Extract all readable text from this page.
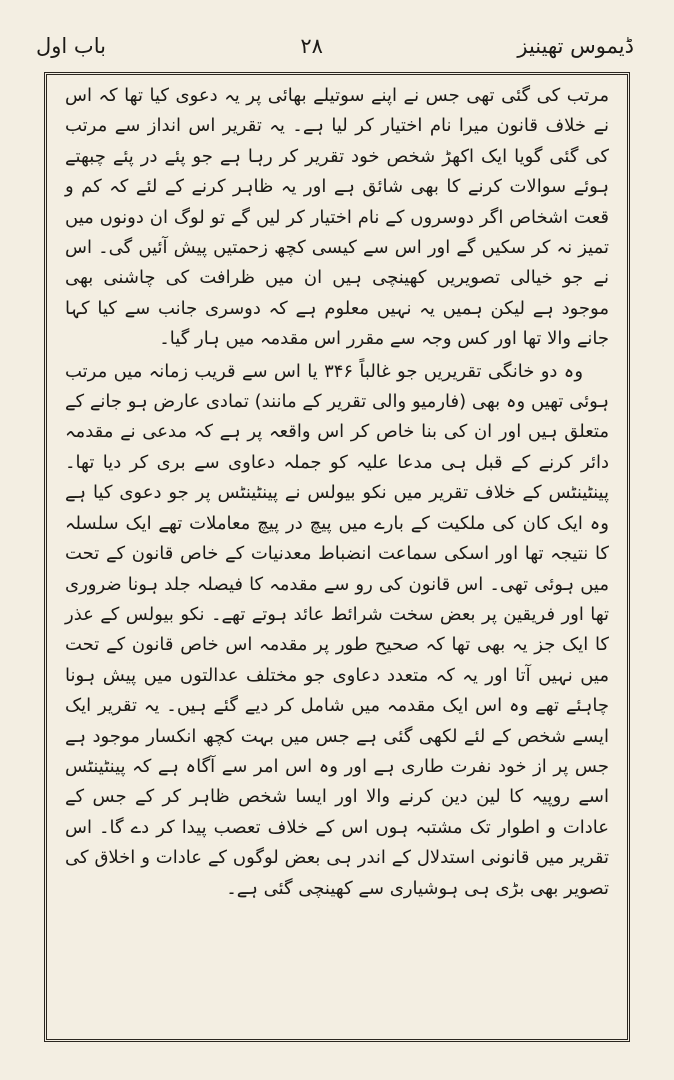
ڈیموس تھینیز
۲۸
باب اول

مرتب کی گئی تھی جس نے اپنے سوتیلے بھائی پر یہ دعوی کیا تھا کہ اس نے خلاف قانون میرا نام اختیار کر لیا ہے۔ یہ تقریر اس انداز سے مرتب کی گئی گویا ایک اکھڑ شخص خود تقریر کر رہا ہے جو پئے در پئے چبھتے ہوئے سوالات کرنے کا بھی شائق ہے اور یہ ظاہر کرنے کے لئے کہ کم و قعت اشخاص اگر دوسروں کے نام اختیار کر لیں گے تو لوگ ان دونوں میں تمیز نہ کر سکیں گے اور اس سے کیسی کچھ زحمتیں پیش آئیں گی۔ اس نے جو خیالی تصویریں کھینچی ہیں ان میں ظرافت کی چاشنی بھی موجود ہے لیکن ہمیں یہ نہیں معلوم ہے کہ دوسری جانب سے کیا کہا جانے والا تھا اور کس وجہ سے مقرر اس مقدمہ میں ہار گیا۔

وہ دو خانگی تقریریں جو غالباً ۳۴۶ یا اس سے قریب زمانہ میں مرتب ہوئی تھیں وہ بھی (فارمیو والی تقریر کے مانند) تمادی عارض ہو جانے کے متعلق ہیں اور ان کی بنا خاص کر اس واقعہ پر ہے کہ مدعی نے مقدمہ دائر کرنے کے قبل ہی مدعا علیہ کو جملہ دعاوی سے بری کر دیا تھا۔ پینٹینٹس کے خلاف تقریر میں نکو بیولس نے پینٹینٹس پر جو دعوی کیا ہے وہ ایک کان کی ملکیت کے بارے میں پیچ در پیچ معاملات تھے ایک سلسلہ کا نتیجہ تھا اور اسکی سماعت انضباط معدنیات کے خاص قانون کے تحت میں ہوئی تھی۔ اس قانون کی رو سے مقدمہ کا فیصلہ جلد ہونا ضروری تھا اور فریقین پر بعض سخت شرائط عائد ہوتے تھے۔ نکو بیولس کے عذر کا ایک جز یہ بھی تھا کہ صحیح طور پر مقدمہ اس خاص قانون کے تحت میں نہیں آتا اور یہ کہ متعدد دعاوی جو مختلف عدالتوں میں پیش ہونا چاہئے تھے وہ اس ایک مقدمہ میں شامل کر دیے گئے ہیں۔ یہ تقریر ایک ایسے شخص کے لئے لکھی گئی ہے جس میں بہت کچھ انکسار موجود ہے جس پر از خود نفرت طاری ہے اور وہ اس امر سے آگاہ ہے کہ پینٹینٹس اسے روپیہ کا لین دین کرنے والا اور ایسا شخص ظاہر کر کے جس کے عادات و اطوار تک مشتبہ ہوں اس کے خلاف تعصب پیدا کر دے گا۔ اس تقریر میں قانونی استدلال کے اندر ہی بعض لوگوں کے عادات و اخلاق کی تصویر بھی بڑی ہی ہوشیاری سے کھینچی گئی ہے۔
